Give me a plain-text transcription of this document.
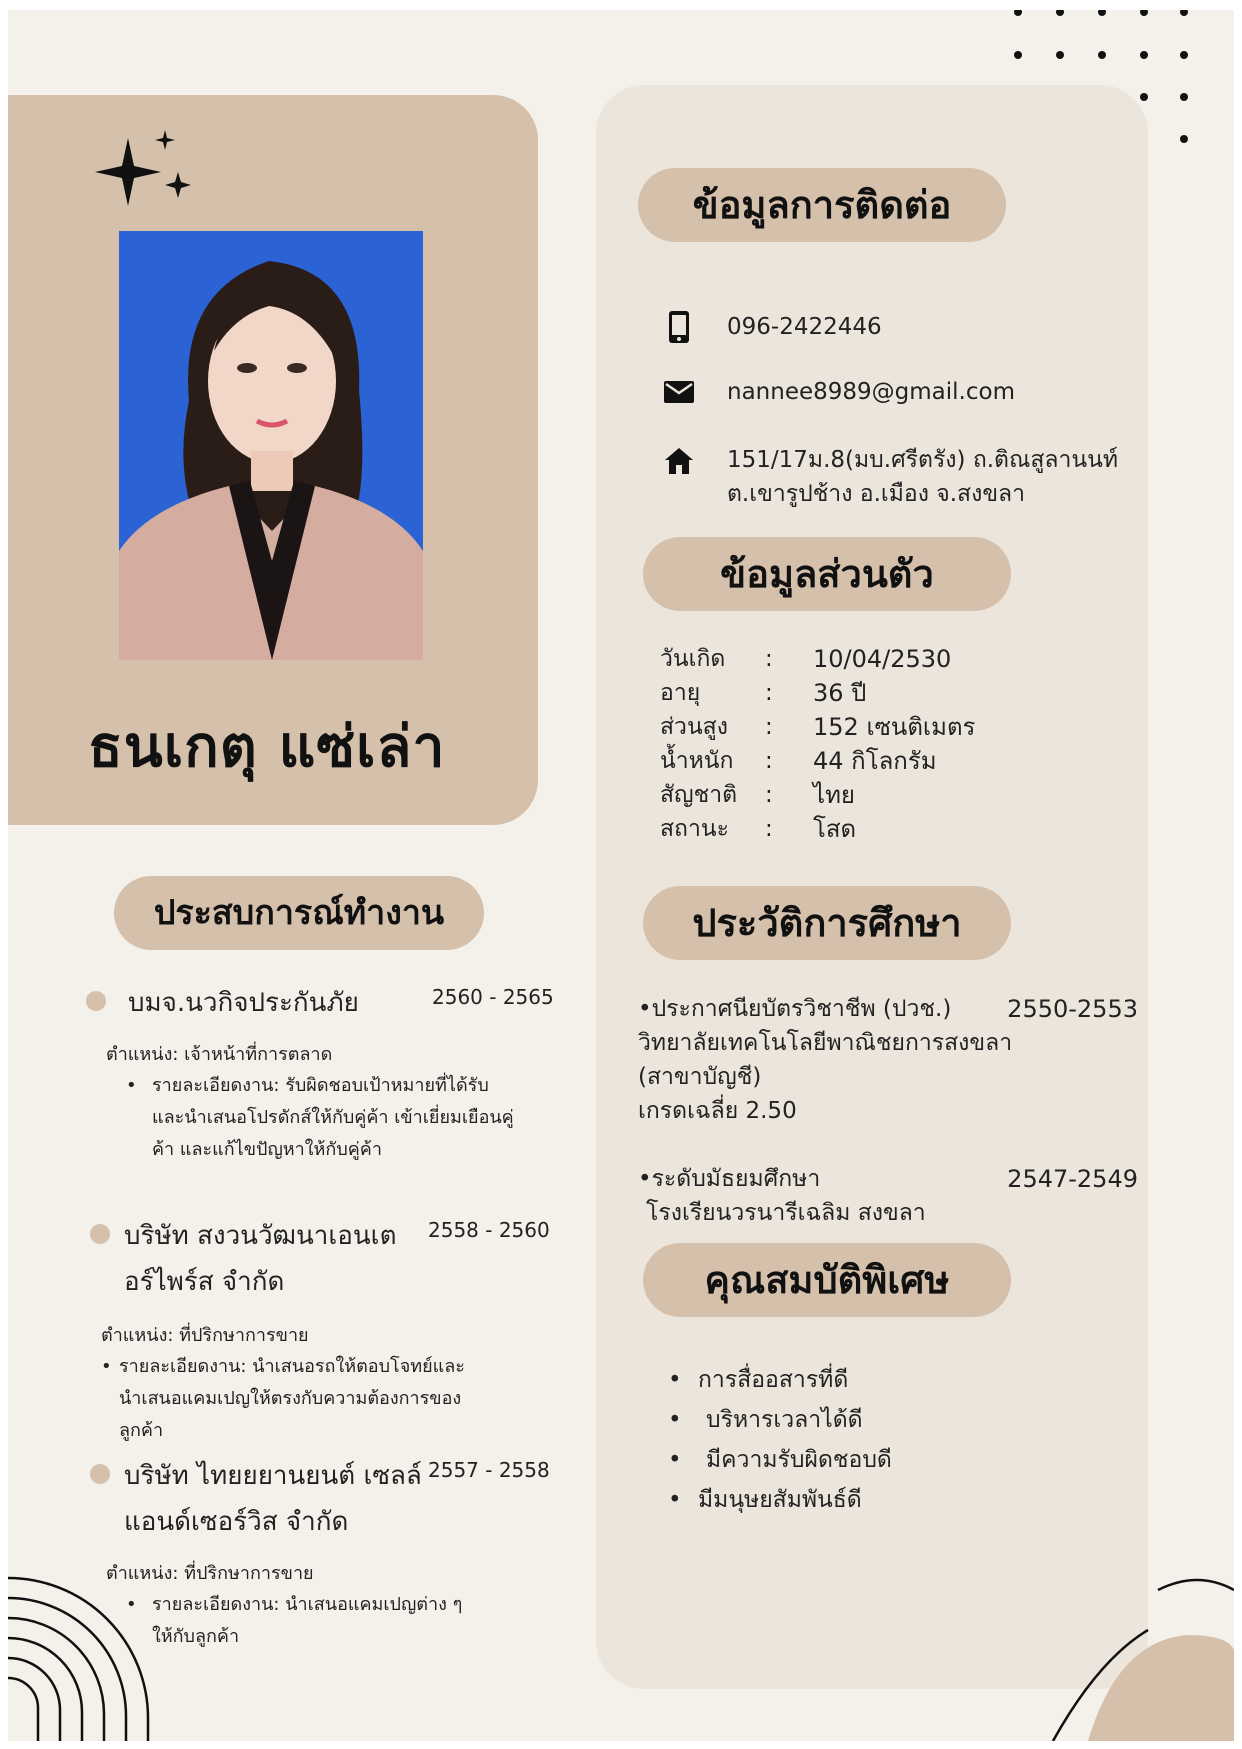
ธนเกตุ แซ่เล่า
ข้อมูลการติดต่อ
096-2422446
nannee8989@gmail.com
151/17ม.8(มบ.ศรีตรัง) ถ.ติณสูลานนท์
ต.เขารูปช้าง อ.เมือง จ.สงขลา
ข้อมูลส่วนตัว
วันเกิด	:	10/04/2530
อายุ	:	36 ปี
ส่วนสูง	:	152 เซนติเมตร
น้ำหนัก	:	44 กิโลกรัม
สัญชาติ	:	ไทย
สถานะ	:	โสด
ประวัติการศึกษา
•ประกาศนียบัตรวิชาชีพ (ปวช.) 2550-2553
วิทยาลัยเทคโนโลยีพาณิชยการสงขลา
(สาขาบัญชี)
เกรดเฉลี่ย 2.50
•ระดับมัธยมศึกษา	2547-2549
โรงเรียนวรนารีเฉลิม สงขลา
คุณสมบัติพิเศษ
• การสื่ออสารที่ดี
•	บริหารเวลาได้ดี
•	มีความรับผิดชอบดี
• มีมนุษยสัมพันธ์ดี
ประสบการณ์ทำงาน
บมจ.นวกิจประกันภัย	2560 - 2565
ตำแหน่ง: เจ้าหน้าที่การตลาด
• รายละเอียดงาน: รับผิดชอบเป้าหมายที่ได้รับและนำเสนอโปรดักส์ให้กับคู่ค้า เข้าเยี่ยมเยือนคู่ค้า และแก้ไขปัญหาให้กับคู่ค้า
บริษัท สงวนวัฒนาเอนเตอร์ไพร์ส จำกัด
2558 - 2560
ตำแหน่ง: ที่ปริกษาการขาย
• รายละเอียดงาน: นำเสนอรถให้ตอบโจทย์และนำเสนอแคมเปญให้ตรงกับความต้องการของลูกค้า
บริษัท ไทยยยานยนต์ เซลล์แอนด์เซอร์วิส จำกัด
2557 - 2558
ตำแหน่ง: ที่ปริกษาการขาย
• รายละเอียดงาน: นำเสนอแคมเปญต่าง ๆ ให้กับลูกค้า
